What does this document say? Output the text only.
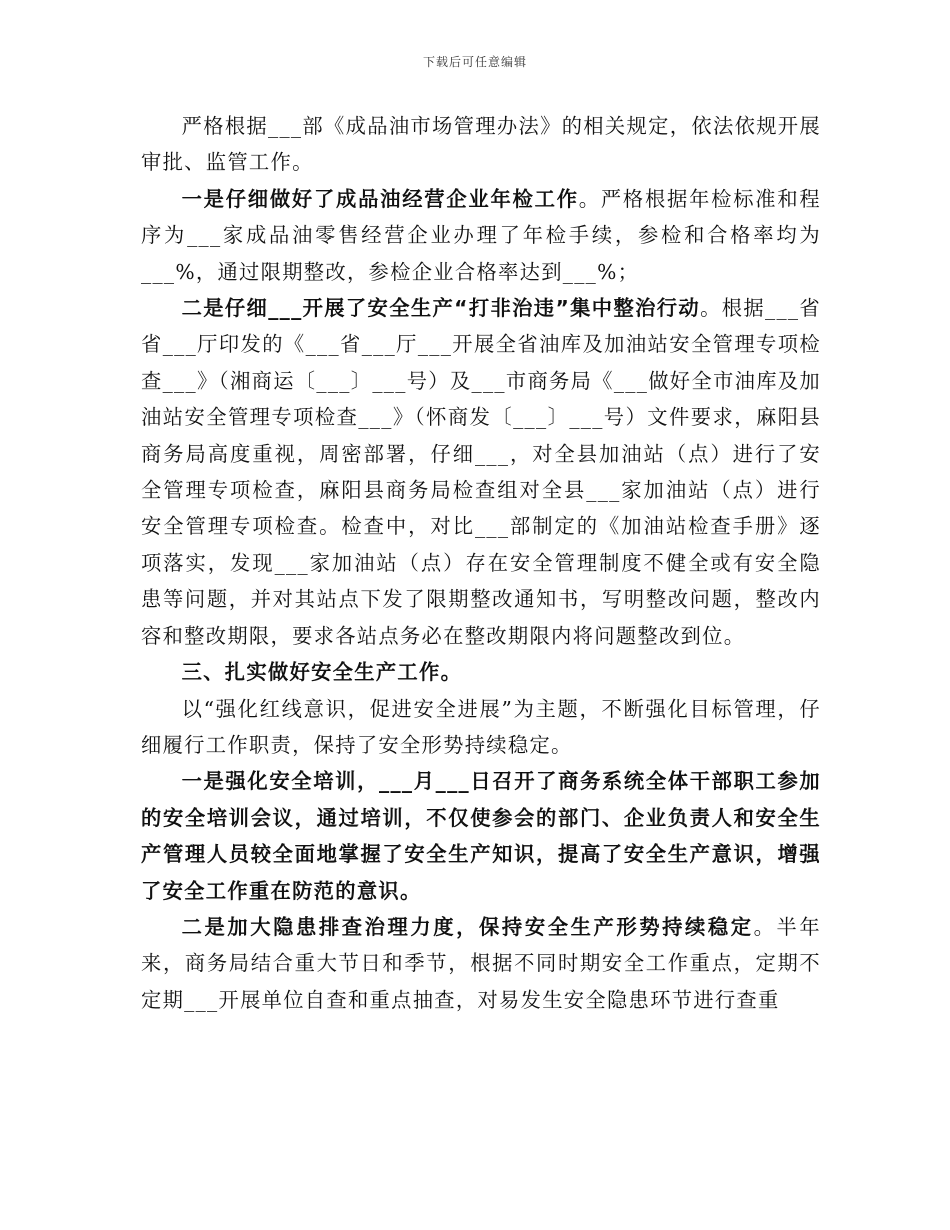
下载后可任意编辑

严格根据___部《成品油市场管理办法》的相关规定，依法依规开展审批、监管工作。

一是仔细做好了成品油经营企业年检工作。严格根据年检标准和程序为___家成品油零售经营企业办理了年检手续，参检和合格率均为___%，通过限期整改，参检企业合格率达到___%；

二是仔细___开展了安全生产“打非治违”集中整治行动。根据___省省___厅印发的《___省___厅___开展全省油库及加油站安全管理专项检查___》（湘商运〔___〕___号）及___市商务局《___做好全市油库及加油站安全管理专项检查___》（怀商发〔___〕___号）文件要求，麻阳县商务局高度重视，周密部署，仔细___，对全县加油站（点）进行了安全管理专项检查，麻阳县商务局检查组对全县___家加油站（点）进行安全管理专项检查。检查中，对比___部制定的《加油站检查手册》逐项落实，发现___家加油站（点）存在安全管理制度不健全或有安全隐患等问题，并对其站点下发了限期整改通知书，写明整改问题，整改内容和整改期限，要求各站点务必在整改期限内将问题整改到位。

三、扎实做好安全生产工作。

以“强化红线意识，促进安全进展”为主题，不断强化目标管理，仔细履行工作职责，保持了安全形势持续稳定。

一是强化安全培训，___月___日召开了商务系统全体干部职工参加的安全培训会议，通过培训，不仅使参会的部门、企业负责人和安全生产管理人员较全面地掌握了安全生产知识，提高了安全生产意识，增强了安全工作重在防范的意识。

二是加大隐患排查治理力度，保持安全生产形势持续稳定。半年来，商务局结合重大节日和季节，根据不同时期安全工作重点，定期不定期___开展单位自查和重点抽查，对易发生安全隐患环节进行查重
